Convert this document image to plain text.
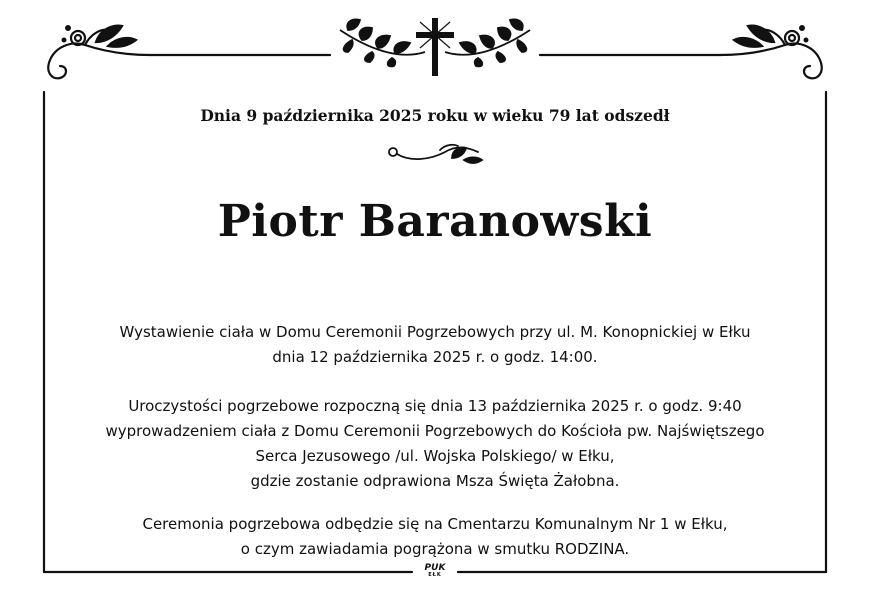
Dnia 9 października 2025 roku w wieku 79 lat odszedł
Piotr Baranowski
Wystawienie ciała w Domu Ceremonii Pogrzebowych przy ul. M. Konopnickiej w Ełku
dnia 12 października 2025 r. o godz. 14:00.
Uroczystości pogrzebowe rozpoczną się dnia 13 października 2025 r. o godz. 9:40
wyprowadzeniem ciała z Domu Ceremonii Pogrzebowych do Kościoła pw. Najświętszego
Serca Jezusowego /ul. Wojska Polskiego/ w Ełku,
gdzie zostanie odprawiona Msza Święta Żałobna.
Ceremonia pogrzebowa odbędzie się na Cmentarzu Komunalnym Nr 1 w Ełku,
o czym zawiadamia pogrążona w smutku RODZINA.
PUK
EŁK
